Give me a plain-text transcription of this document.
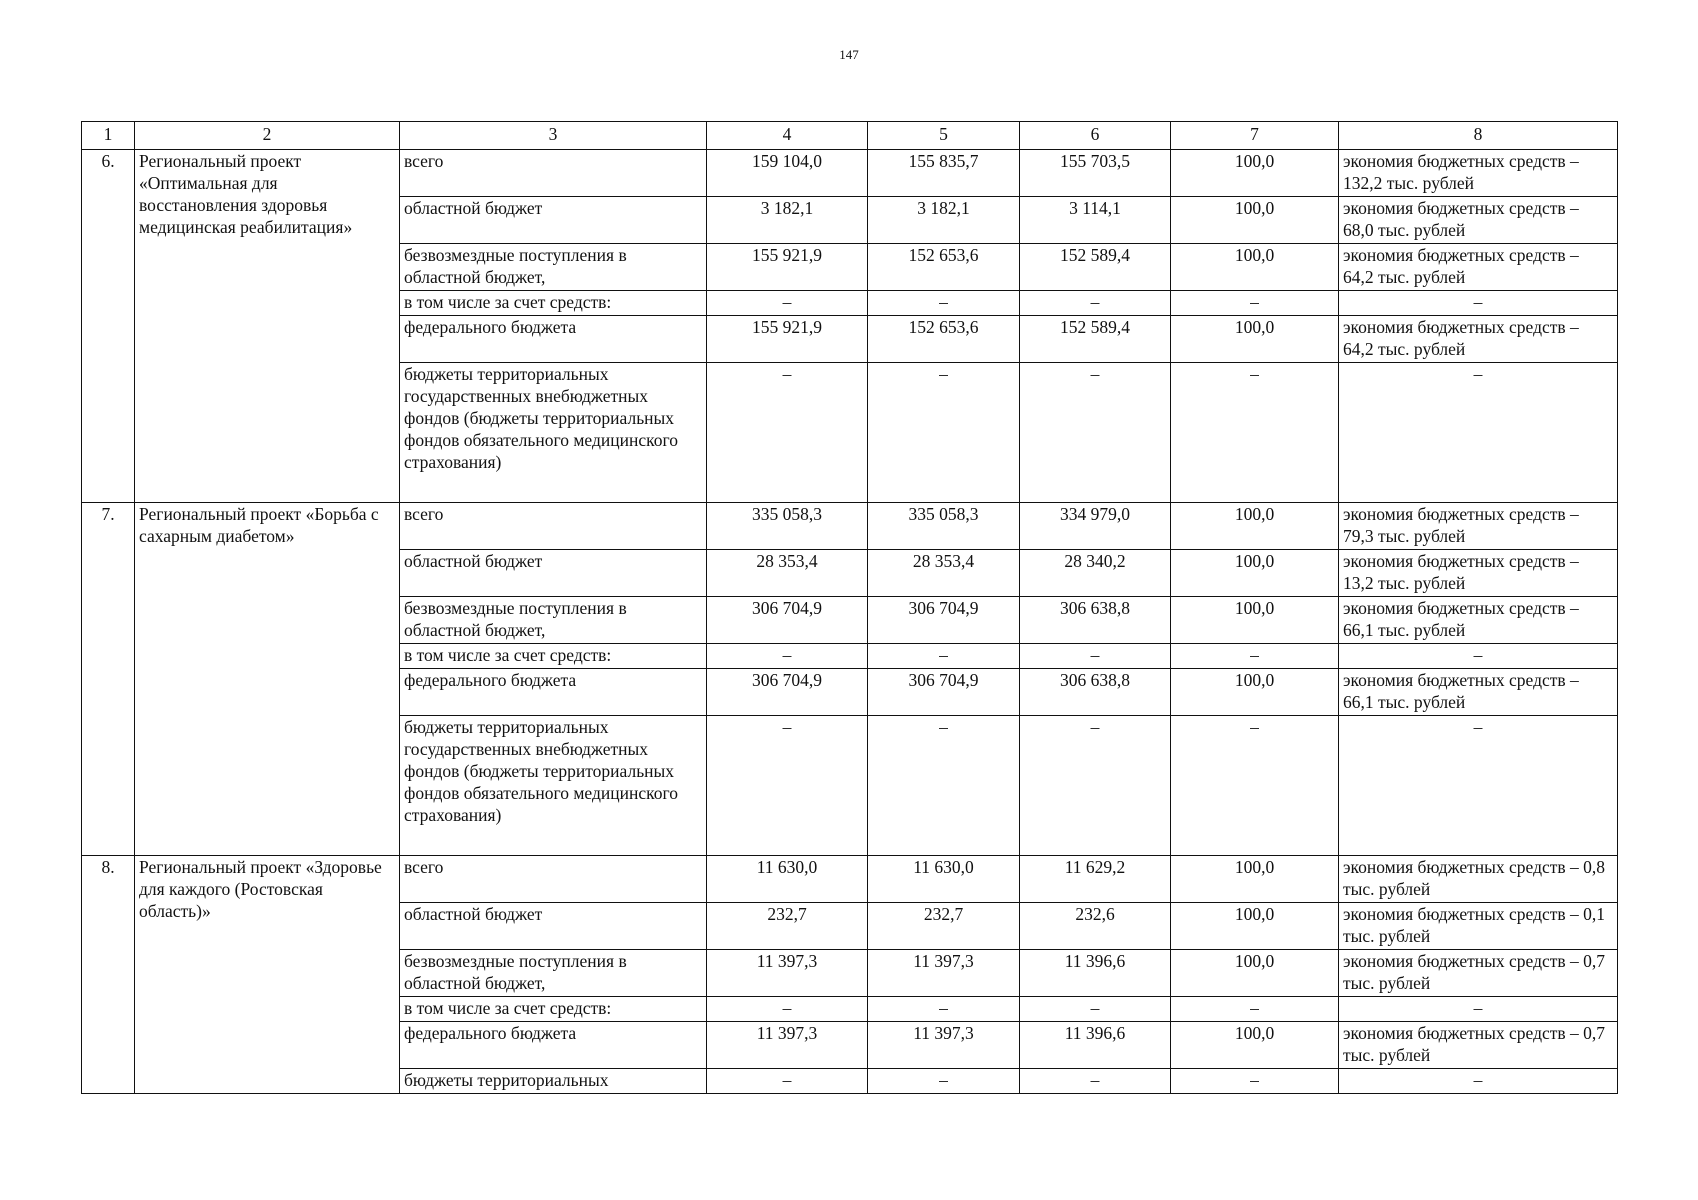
147
1	2	3	4	5	6	7	8
6.	Региональный проект «Оптимальная для восстановления здоровья медицинская реабилитация»	всего	159 104,0	155 835,7	155 703,5	100,0	экономия бюджетных средств – 132,2 тыс. рублей
		областной бюджет	3 182,1	3 182,1	3 114,1	100,0	экономия бюджетных средств – 68,0 тыс. рублей
		безвозмездные поступления в областной бюджет,	155 921,9	152 653,6	152 589,4	100,0	экономия бюджетных средств – 64,2 тыс. рублей
		в том числе за счет средств:	–	–	–	–	–
		федерального бюджета	155 921,9	152 653,6	152 589,4	100,0	экономия бюджетных средств – 64,2 тыс. рублей
		бюджеты территориальных государственных внебюджетных фондов (бюджеты территориальных фондов обязательного медицинского страхования)	–	–	–	–	–
7.	Региональный проект «Борьба с сахарным диабетом»	всего	335 058,3	335 058,3	334 979,0	100,0	экономия бюджетных средств – 79,3 тыс. рублей
		областной бюджет	28 353,4	28 353,4	28 340,2	100,0	экономия бюджетных средств – 13,2 тыс. рублей
		безвозмездные поступления в областной бюджет,	306 704,9	306 704,9	306 638,8	100,0	экономия бюджетных средств – 66,1 тыс. рублей
		в том числе за счет средств:	–	–	–	–	–
		федерального бюджета	306 704,9	306 704,9	306 638,8	100,0	экономия бюджетных средств – 66,1 тыс. рублей
		бюджеты территориальных государственных внебюджетных фондов (бюджеты территориальных фондов обязательного медицинского страхования)	–	–	–	–	–
8.	Региональный проект «Здоровье для каждого (Ростовская область)»	всего	11 630,0	11 630,0	11 629,2	100,0	экономия бюджетных средств – 0,8 тыс. рублей
		областной бюджет	232,7	232,7	232,6	100,0	экономия бюджетных средств – 0,1 тыс. рублей
		безвозмездные поступления в областной бюджет,	11 397,3	11 397,3	11 396,6	100,0	экономия бюджетных средств – 0,7 тыс. рублей
		в том числе за счет средств:	–	–	–	–	–
		федерального бюджета	11 397,3	11 397,3	11 396,6	100,0	экономия бюджетных средств – 0,7 тыс. рублей
		бюджеты территориальных	–	–	–	–	–
